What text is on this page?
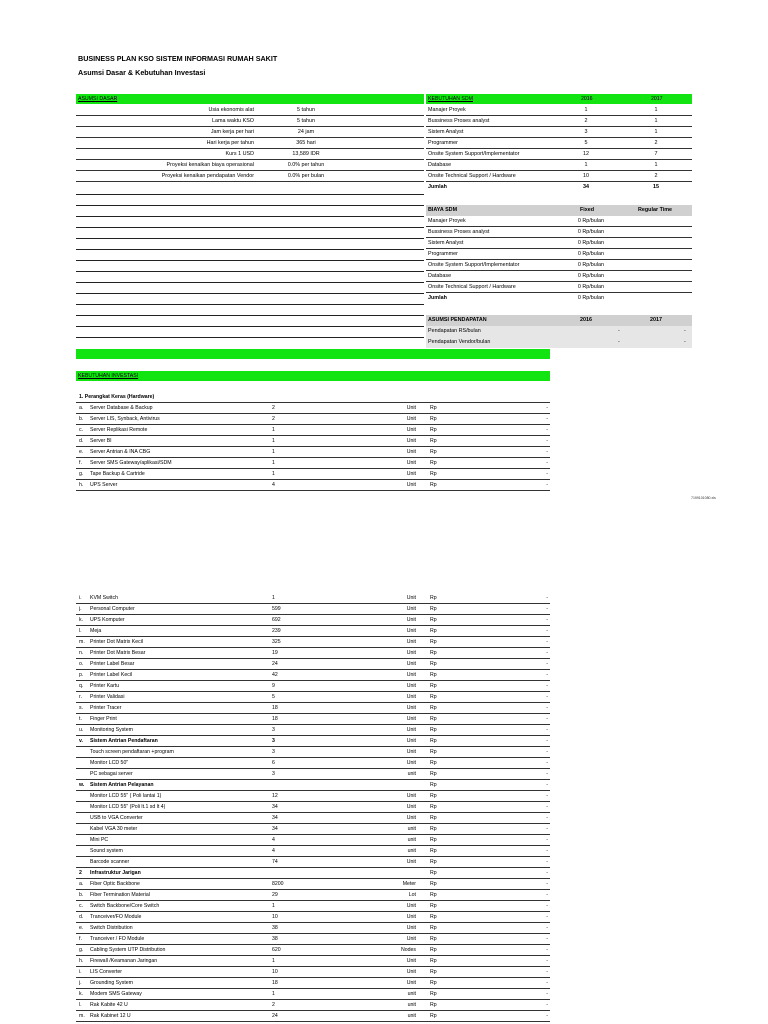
BUSINESS PLAN KSO SISTEM INFORMASI RUMAH SAKIT
Asumsi Dasar & Kebutuhan Investasi
ASUMSI DASAR
Usia ekonomis alat	5 tahun
Lama waktu KSO	5 tahun
Jam kerja per hari	24 jam
Hari kerja per tahun	365 hari
Kurs 1 USD	13,589 IDR
Proyeksi kenaikan biaya operasional	0.0% per tahun
Proyeksi kenaikan pendapatan Vendor	0.0% per bulan
KEBUTUHAN SDM	2016	2017
Manajer Proyek	1	1
Bussiness Proses analyst	2	1
Sistem Analyst	3	1
Programmer	5	2
Onsite System Support/Implementator	12	7
Database	1	1
Onsite Technical Support / Hardware	10	2
Jumlah	34	15
BIAYA SDM	Fixed	Regular Time
Manajer Proyek	0 Rp/bulan
Bussiness Proses analyst	0 Rp/bulan
Sistem Analyst	0 Rp/bulan
Programmer	0 Rp/bulan
Onsite System Support/Implementator	0 Rp/bulan
Database	0 Rp/bulan
Onsite Technical Support / Hardware	0 Rp/bulan
Jumlah	0 Rp/bulan
ASUMSI PENDAPATAN	2016	2017
Pendapatan RS/bulan	-	-
Pendapatan Vendor/bulan	-	-
KEBUTUHAN INVESTASI
1. Perangkat Keras (Hardware)
a.	Server Database & Backup	2	Unit	Rp	-
b.	Server LIS, Synback, Antivirus	2	Unit	Rp	-
c.	Server Replikasi Remote	1	Unit	Rp	-
d.	Server BI	1	Unit	Rp	-
e.	Server Antrian & INA CBG	1	Unit	Rp	-
f.	Server SMS Gateway/aplikasi/SDM	1	Unit	Rp	-
g.	Tape Backup & Cartride	1	Unit	Rp	-
h.	UPS Server	4	Unit	Rp	-
7199101080.xls
i.	KVM Switch	1	Unit	Rp	-
j.	Personal Computer	599	Unit	Rp	-
k.	UPS Komputer	692	Unit	Rp	-
l.	Meja	239	Unit	Rp	-
m.	Printer Dot Matrix Kecil	325	Unit	Rp	-
n.	Printer Dot Matrix Besar	19	Unit	Rp	-
o.	Printer Label Besar	24	Unit	Rp	-
p.	Printer Label Kecil	42	Unit	Rp	-
q.	Printer Kartu	9	Unit	Rp	-
r.	Printer Validasi	5	Unit	Rp	-
s.	Printer Tracer	18	Unit	Rp	-
t.	Finger Print	18	Unit	Rp	-
u.	Monitoring System	3	Unit	Rp	-
v.	Sistem Antrian Pendaftaran	3	Unit	Rp	-
Touch screen pendaftaran +program	3	Unit	Rp	-
Monitor LCD 50"	6	Unit	Rp	-
PC sebagai server	3	unit	Rp	-
w.	Sistem Antrian Pelayanan	Rp	-
Monitor LCD 55" ( Poli lantai 1)	12	Unit	Rp	-
Monitor LCD 55" (Poli lt.1 sd lt 4)	34	Unit	Rp	-
USB to VGA Converter	34	Unit	Rp	-
Kabel VGA 30 meter	34	unit	Rp	-
Mini PC	4	unit	Rp	-
Sound system	4	unit	Rp	-
Barcode scanner	74	Unit	Rp	-
2	Infrastruktur Jarigan	Rp	-
a.	Fiber Optic Backbone	8200	Meter	Rp	-
b.	Fiber Termination Material	29	Lot	Rp	-
c.	Switch Backbone/Core Switch	1	Unit	Rp	-
d.	Tranceiver/FO Module	10	Unit	Rp	-
e.	Switch Distribution	38	Unit	Rp	-
f.	Tranceiver / FO Module	38	Unit	Rp	-
g.	Cabling System UTP Distribution	620	Nodes	Rp	-
h.	Firewall /Keamanan Jaringan	1	Unit	Rp	-
i.	LIS Converter	10	Unit	Rp	-
j.	Grounding System	18	Unit	Rp	-
k.	Modem SMS Gateway	1	unit	Rp	-
l.	Rak Kabite 42 U	2	unit	Rp	-
m.	Rak Kabinet 12 U	24	unit	Rp	-
